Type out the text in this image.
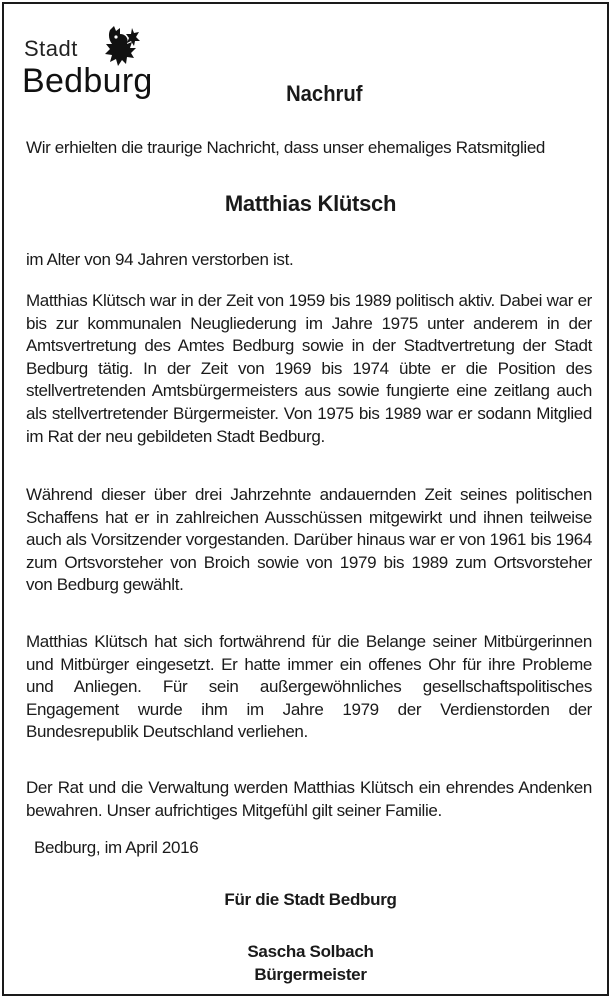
Stadt
Bedburg	Nachruf
Wir erhielten die traurige Nachricht, dass unser ehemaliges Ratsmitglied
Matthias Klütsch
im Alter von 94 Jahren verstorben ist.
Matthias Klütsch war in der Zeit von 1959 bis 1989 politisch aktiv. Dabei war er bis zur kommunalen Neugliederung im Jahre 1975 unter anderem in der Amtsvertretung des Amtes Bedburg sowie in der Stadtvertretung der Stadt Bedburg tätig. In der Zeit von 1969 bis 1974 übte er die Position des stellvertretenden Amtsbürgermeisters aus sowie fungierte eine zeitlang auch als stellvertretender Bürgermeister. Von 1975 bis 1989 war er sodann Mitglied im Rat der neu gebildeten Stadt Bedburg.
Während dieser über drei Jahrzehnte andauernden Zeit seines politischen Schaffens hat er in zahlreichen Ausschüssen mitgewirkt und ihnen teilweise auch als Vorsitzender vorgestanden. Darüber hinaus war er von 1961 bis 1964 zum Ortsvorsteher von Broich sowie von 1979 bis 1989 zum Ortsvorsteher von Bedburg gewählt.
Matthias Klütsch hat sich fortwährend für die Belange seiner Mitbürgerinnen und Mitbürger eingesetzt. Er hatte immer ein offenes Ohr für ihre Probleme und Anliegen. Für sein außergewöhnliches gesellschaftspolitisches Engagement wurde ihm im Jahre 1979 der Verdienstorden der Bundesrepublik Deutschland verliehen.
Der Rat und die Verwaltung werden Matthias Klütsch ein ehrendes Andenken bewahren. Unser aufrichtiges Mitgefühl gilt seiner Familie.
Bedburg, im April 2016
Für die Stadt Bedburg
Sascha Solbach
Bürgermeister
